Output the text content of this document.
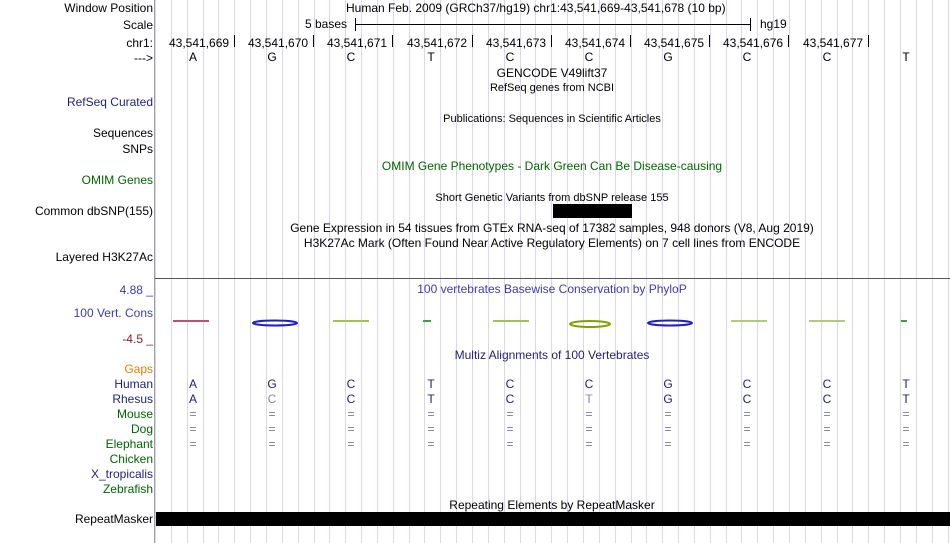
Window Position	Human Feb. 2009 (GRCh37/hg19) chr1:43,541,669-43,541,678 (10 bp)
Scale	5 bases	hg19
chr1: 43,541,669 43,541,670 43,541,671 43,541,672 43,541,673 43,541,674 43,541,675 43,541,676 43,541,677
--->	A	G	C	T	C	C	G	C	C	T
GENCODE V49lift37
RefSeq genes from NCBI
RefSeq Curated
Publications: Sequences in Scientific Articles
Sequences
SNPs
OMIM Gene Phenotypes - Dark Green Can Be Disease-causing
OMIM Genes
Short Genetic Variants from dbSNP release 155
Common dbSNP(155)
Gene Expression in 54 tissues from GTEx RNA-seq of 17382 samples, 948 donors (V8, Aug 2019)
H3K27Ac Mark (Often Found Near Active Regulatory Elements) on 7 cell lines from ENCODE
Layered H3K27Ac
4.88 _	100 vertebrates Basewise Conservation by PhyloP
100 Vert. Cons
-4.5 _
Multiz Alignments of 100 Vertebrates
Gaps
Human	A	G	C	T	C	C	G	C	C	T
Rhesus	A	C	C	T	C	T	G	C	C	T
Mouse	=	=	=	=	=	=	=	=	=	=
Dog	=	=	=	=	=	=	=	=	=	=
Elephant	=	=	=	=	=	=	=	=	=	=
Chicken
X_tropicalis
Zebrafish
Repeating Elements by RepeatMasker
RepeatMasker
